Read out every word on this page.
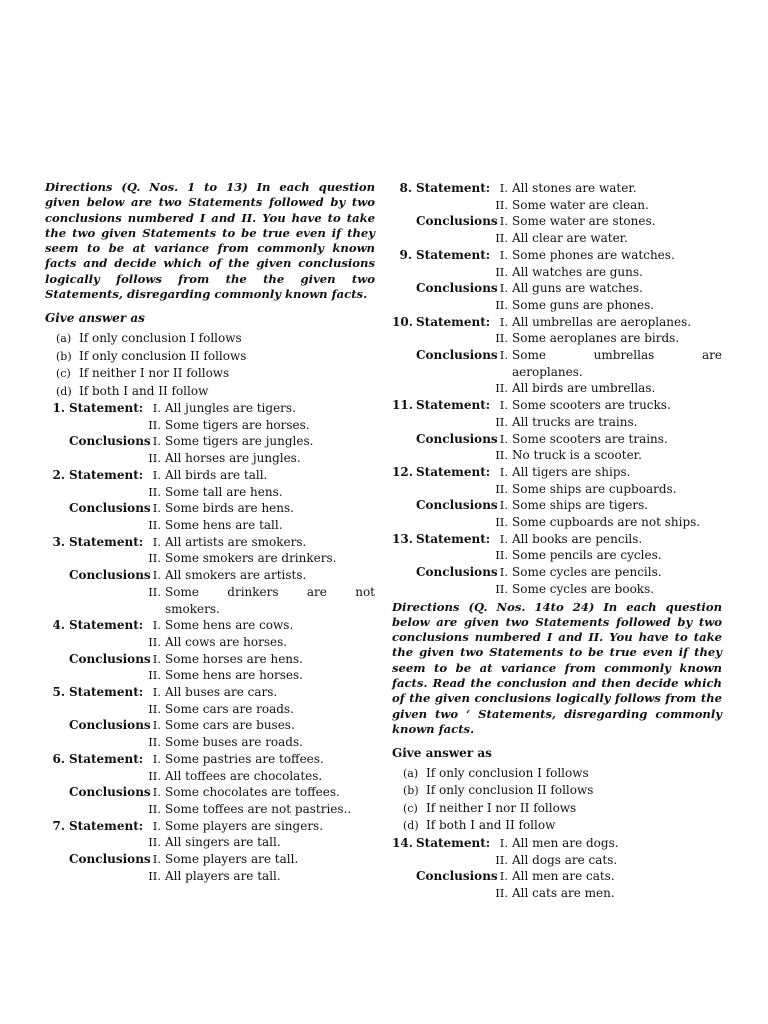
Directions (Q. Nos. 1 to 13) In each question given below are two Statements followed by two conclusions numbered I and II. You have to take the two given Statements to be true even if they seem to be at variance from commonly known facts and decide which of the given conclusions logically follows from the the given two Statements, disregarding commonly known facts.

Give answer as
(a) If only conclusion I follows
(b) If only conclusion II follows
(c) If neither I nor II follows
(d) If both I and II follow
1. Statement: I. All jungles are tigers.
II. Some tigers are horses.
Conclusions I. Some tigers are jungles.
II. All horses are jungles.
2. Statement: I. All birds are tall.
II. Some tall are hens.
Conclusions I. Some birds are hens.
II. Some hens are tall.
3. Statement: I. All artists are smokers.
II. Some smokers are drinkers.
Conclusions I. All smokers are artists.
II. Some drinkers are not
smokers.
4. Statement: I. Some hens are cows.
II. All cows are horses.
Conclusions I. Some horses are hens.
II. Some hens are horses.
5. Statement: I. All buses are cars.
II. Some cars are roads.
Conclusions I. Some cars are buses.
II. Some buses are roads.
6. Statement: I. Some pastries are toffees.
II. All toffees are chocolates.
Conclusions I. Some chocolates are toffees.
II. Some toffees are not pastries..
7. Statement: I. Some players are singers.
II. All singers are tall.
Conclusions I. Some players are tall.
II. All players are tall.
8. Statement: I. All stones are water.
II. Some water are clean.
Conclusions I. Some water are stones.
II. All clear are water.
9. Statement: I. Some phones are watches.
II. All watches are guns.
Conclusions I. All guns are watches.
II. Some guns are phones.
10. Statement: I. All umbrellas are aeroplanes.
II. Some aeroplanes are birds.
Conclusions I. Some umbrellas are
aeroplanes.
II. All birds are umbrellas.
11. Statement: I. Some scooters are trucks.
II. All trucks are trains.
Conclusions I. Some scooters are trains.
II. No truck is a scooter.
12. Statement: I. All tigers are ships.
II. Some ships are cupboards.
Conclusions I. Some ships are tigers.
II. Some cupboards are not ships.
13. Statement: I. All books are pencils.
II. Some pencils are cycles.
Conclusions I. Some cycles are pencils.
II. Some cycles are books.

Directions (Q. Nos. 14to 24) In each question below are given two Statements followed by two conclusions numbered I and II. You have to take the given two Statements to be true even if they seem to be at variance from commonly known facts. Read the conclusion and then decide which of the given conclusions logically follows from the given two ‘ Statements, disregarding commonly known facts.

Give answer as
(a) If only conclusion I follows
(b) If only conclusion II follows
(c) If neither I nor II follows
(d) If both I and II follow
14. Statement: I. All men are dogs.
II. All dogs are cats.
Conclusions I. All men are cats.
II. All cats are men.
